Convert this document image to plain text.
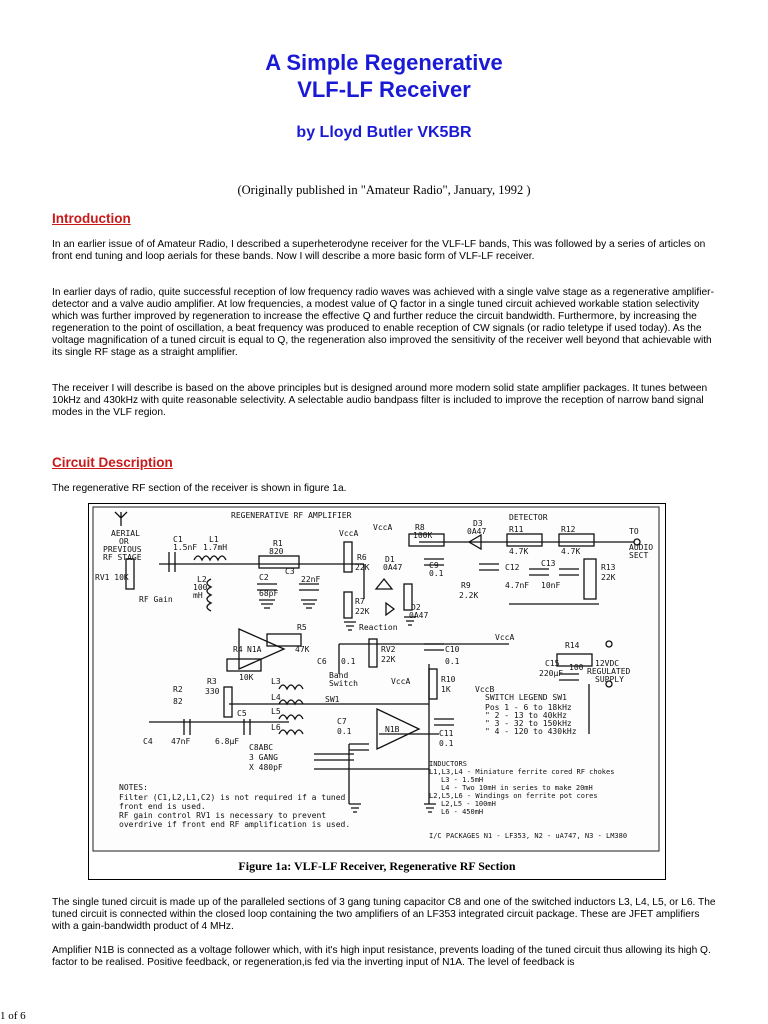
A Simple Regenerative
VLF-LF Receiver
by Lloyd Butler VK5BR
(Originally published in "Amateur Radio", January, 1992 )
Introduction
In an earlier issue of of Amateur Radio, I described a superheterodyne receiver for the VLF-LF bands, This was followed by a series of articles on front end tuning and loop aerials for these bands. Now I will describe a more basic form of VLF-LF receiver.
In earlier days of radio, quite successful reception of low frequency radio waves was achieved with a single valve stage as a regenerative amplifier-detector and a valve audio amplifier. At low frequencies, a modest value of Q factor in a single tuned circuit achieved workable station selectivity which was further improved by regeneration to increase the effective Q and further reduce the circuit bandwidth. Furthermore, by increasing the regeneration to the point of oscillation, a beat frequency was produced to enable reception of CW signals (or radio teletype if used today). As the voltage magnification of a tuned circuit is equal to Q, the regeneration also improved the sensitivity of the receiver well beyond that achievable with its single RF stage as a straight amplifier.
The receiver I will describe is based on the above principles but is designed around more modern solid state amplifier packages. It tunes between 10kHz and 430kHz with quite reasonable selectivity. A selectable audio bandpass filter is included to improve the reception of narrow band signal modes in the VLF region.
Circuit Description
The regenerative RF section of the receiver is shown in figure 1a.
REGENERATIVE RF AMPLIFIER	DETECTOR
AERIAL
OR
PREVIOUS
RF STAGE
RV1 10K
RF Gain
C1
1.5nF
L1
1.7mH	R1
820
L2
100
mH
C2
68pF
C3
22nF
VccA
R6
22K
R7
22K
VccA	R8
100K
D1
0A47
D2
0A47
D3
0A47
C9
0.1
R9
2.2K
R11
4.7K
R12
4.7K
C12
4.7nF
C13
10nF
R13
22K
TO
AUDIO
SECT
N1A
R4
10K
R5
47K
Reaction
RV2
22K
C10
0.1
R14
100
VccA
C15
220µF
12VDC
REGULATED
SUPPLY
VccB
R3
330
R2
82
C4 47nF
C5
6.8µF
L3
L4
L5
L6
C6 0.1
Band
Switch
SW1
C7
0.1
VccA
N1B
R10
1K
C11
0.1
C8ABC
3 GANG
X 480pF
SWITCH LEGEND SW1
Pos 1 - 6 to 18kHz
" 2 - 13 to 40kHz
" 3 - 32 to 150kHz
" 4 - 120 to 430kHz
NOTES:
Filter (C1,L2,L1,C2) is not required if a tuned
front end is used.
RF gain control RV1 is necessary to prevent
overdrive if front end RF amplification is used.
INDUCTORS
L1,L3,L4 - Miniature ferrite cored RF chokes
L3 - 1.5mH
L4 - Two 10mH in series to make 20mH
L2,L5,L6 - Windings on ferrite pot cores
L2,L5 - 100mH
L6 - 450mH
I/C PACKAGES N1 - LF353, N2 - uA747, N3 - LM380
Figure 1a: VLF-LF Receiver, Regenerative RF Section
The single tuned circuit is made up of the paralleled sections of 3 gang tuning capacitor C8 and one of the switched inductors L3, L4, L5, or L6. The tuned circuit is connected within the closed loop containing the two amplifiers of an LF353 integrated circuit package. These are JFET amplifiers with a gain-bandwidth product of 4 MHz.
Amplifier N1B is connected as a voltage follower which, with it's high input resistance, prevents loading of the tuned circuit thus allowing its high Q. factor to be realised. Positive feedback, or regeneration,is fed via the inverting input of N1A. The level of feedback is
1 of 6
